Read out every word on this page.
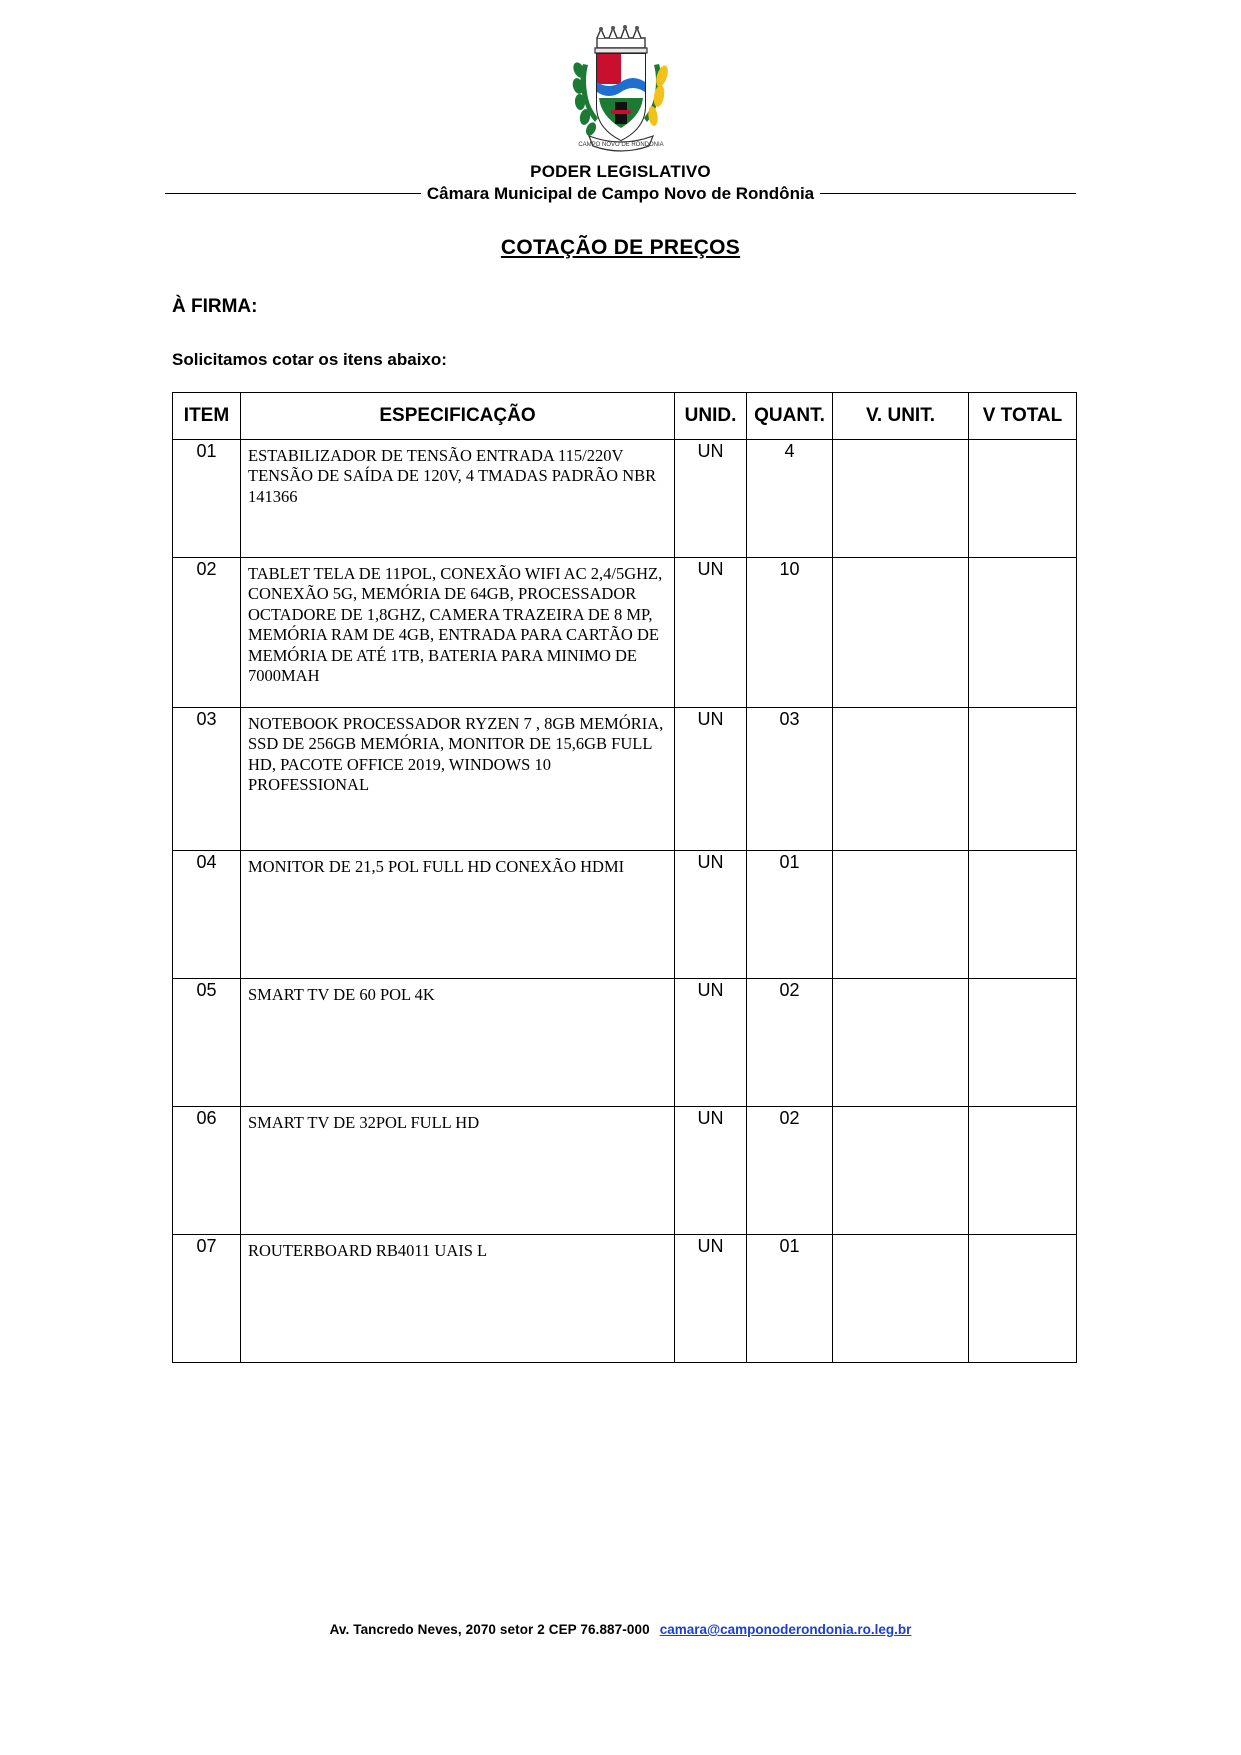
CAMPO NOVO DE RONDONIA
PODER LEGISLATIVO
Câmara Municipal de Campo Novo de Rondônia
COTAÇÃO DE PREÇOS
À FIRMA:
Solicitamos cotar os itens abaixo:
ITEM	ESPECIFICAÇÃO	UNID.	QUANT.	V. UNIT.	V TOTAL
01	ESTABILIZADOR DE TENSÃO ENTRADA 115/220V TENSÃO DE SAÍDA DE 120V, 4 TMADAS PADRÃO NBR 141366	UN	4		
02	TABLET TELA DE 11POL, CONEXÃO WIFI AC 2,4/5GHZ, CONEXÃO 5G, MEMÓRIA DE 64GB, PROCESSADOR OCTADORE DE 1,8GHZ, CAMERA TRAZEIRA DE 8 MP, MEMÓRIA RAM DE 4GB, ENTRADA PARA CARTÃO DE MEMÓRIA DE ATÉ 1TB, BATERIA PARA MINIMO DE 7000MAH	UN	10		
03	NOTEBOOK PROCESSADOR RYZEN 7 , 8GB MEMÓRIA, SSD DE 256GB MEMÓRIA, MONITOR DE 15,6GB FULL HD, PACOTE OFFICE 2019, WINDOWS 10 PROFESSIONAL	UN	03		
04	MONITOR DE 21,5 POL FULL HD CONEXÃO HDMI	UN	01		
05	SMART TV DE 60 POL 4K	UN	02		
06	SMART TV DE 32POL FULL HD	UN	02		
07	ROUTERBOARD RB4011 UAIS L	UN	01		
Av. Tancredo Neves, 2070 setor 2 CEP 76.887-000 camara@camponoderondonia.ro.leg.br
